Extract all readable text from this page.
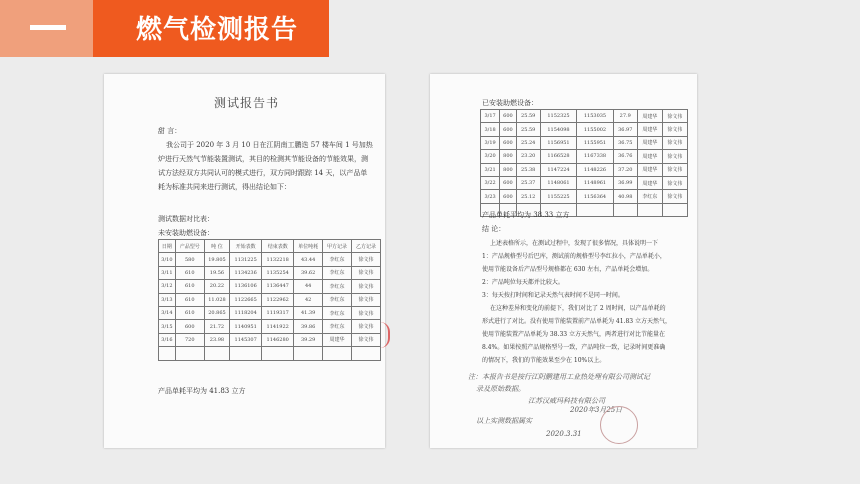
燃气检测报告
测试报告书
甜 言：
我公司于 2020 年 3 月 10 日在江阴南工鹏迭 57 楼车间 1 号加热
炉进行天然气节能装置测试，其目的检测其节能设备的节能效果，测
试方法经双方共同认可的模式进行，双方同时跟踪 14 天，以产品单
耗为标准共同来进行测试，得出结论如下：
测试数据对比表：
未安装助燃设备：
日期	产品型号	吨 位	开始表数	结束表数	单位吨耗	甲方记录	乙方记录
3/10	580	19.805	1131225	1132218	43.44	李红东	徐文伟
3/11	610	19.56	1134236	1135254	39.62	李红东	徐文伟
3/12	610	20.22	1136106	1136447	44	李红东	徐文伟
3/13	610	11.028	1122665	1122962	42	李红东	徐文伟
3/14	610	20.865	1118204	1119317	41.39	李红东	徐文伟
3/15	600	21.72	1140951	1141922	39.86	李红东	徐文伟
3/16	720	23.98	1145307	1146280	39.29	周建华	徐文伟

产品单耗平均为 41.83 立方
已安装助燃设备：
3/17	600	25.59	1152325	1153035	27.9	周建华	徐文伟
3/18	600	25.59	1154098	1155002	36.97	周建华	徐文伟
3/19	600	25.24	1156951	1155951	36.75	周建华	徐文伟
3/20	800	23.20	1166528	1167338	36.76	周建华	徐文伟
3/21	800	25.38	1147224	1148226	37.20	周建华	徐文伟
3/22	600	25.37	1148061	1148961	36.99	周建华	徐文伟
3/23	600	25.12	1155225	1156364	40.98	李红东	徐文伟

产品单耗平均为 38.33 立方
结 论：
上述表格所示，在测试过程中，发现了很多情况，具体说明一下
1：产品规格型号后巴库，测试前的规格型号李红拉小，产品单耗小，
使用节能设备后产品型号规格都在 630 左右，产品单耗会增加。
2：产品吨位每天都并比较大。
3：每天按打时间和记录天然气表时间不是同一时间。
在这种差异和变化的前提下，我们对比了 2 周时间，以产品单耗的
形式进行了对比。没有使用节能装置前产品单耗为 41.83 立方天然气，
使用节能装置产品单耗为 38.33 立方天然气，两者进行对比节能量在
8.4%。如果按照产品规格型号一致，产品吨位一致，记录时间更准确
的情况下，我们的节能效果至少在 10%以上。
注：本报告书是按行江阴鹏建用工业热处理有限公司测试记
录及原始数据。
江苏汉威玛科技有限公司
2020年3月25日
以上实测数据属实
2020.3.31
